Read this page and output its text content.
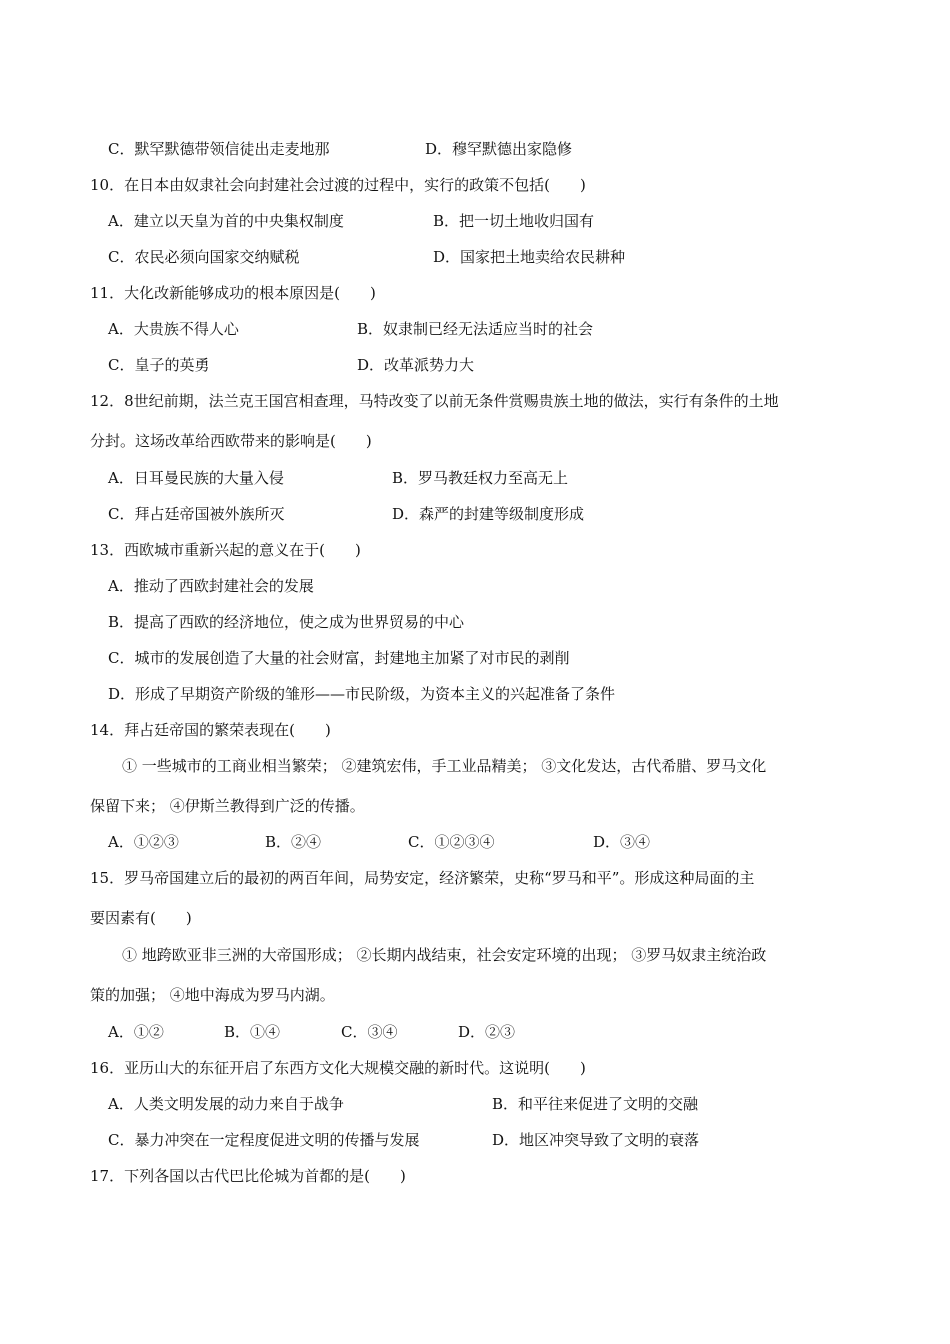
C．默罕默德带领信徒出走麦地那	D．穆罕默德出家隐修
10．在日本由奴隶社会向封建社会过渡的过程中，实行的政策不包括(　　)
A．建立以天皇为首的中央集权制度	B．把一切土地收归国有
C．农民必须向国家交纳赋税	D．国家把土地卖给农民耕种
11．大化改新能够成功的根本原因是(　　)
A．大贵族不得人心	B．奴隶制已经无法适应当时的社会
C．皇子的英勇	D．改革派势力大
12．8世纪前期，法兰克王国宫相查理，马特改变了以前无条件赏赐贵族土地的做法，实行有条件的土地
分封。这场改革给西欧带来的影响是(　　)
A．日耳曼民族的大量入侵	B．罗马教廷权力至高无上
C．拜占廷帝国被外族所灭	D．森严的封建等级制度形成
13．西欧城市重新兴起的意义在于(　　)
A．推动了西欧封建社会的发展
B．提高了西欧的经济地位，使之成为世界贸易的中心
C．城市的发展创造了大量的社会财富，封建地主加紧了对市民的剥削
D．形成了早期资产阶级的雏形——市民阶级，为资本主义的兴起准备了条件
14．拜占廷帝国的繁荣表现在(　　)
① 一些城市的工商业相当繁荣； ②建筑宏伟，手工业品精美； ③文化发达，古代希腊、罗马文化
保留下来； ④伊斯兰教得到广泛的传播。
A．①②③	B．②④	C．①②③④	D．③④
15．罗马帝国建立后的最初的两百年间，局势安定，经济繁荣，史称“罗马和平”。形成这种局面的主
要因素有(　　)
① 地跨欧亚非三洲的大帝国形成； ②长期内战结束，社会安定环境的出现； ③罗马奴隶主统治政
策的加强； ④地中海成为罗马内湖。
A．①②	B．①④	C．③④	D．②③
16．亚历山大的东征开启了东西方文化大规模交融的新时代。这说明(　　)
A．人类文明发展的动力来自于战争	B．和平往来促进了文明的交融
C．暴力冲突在一定程度促进文明的传播与发展	D．地区冲突导致了文明的衰落
17．下列各国以古代巴比伦城为首都的是(　　)
